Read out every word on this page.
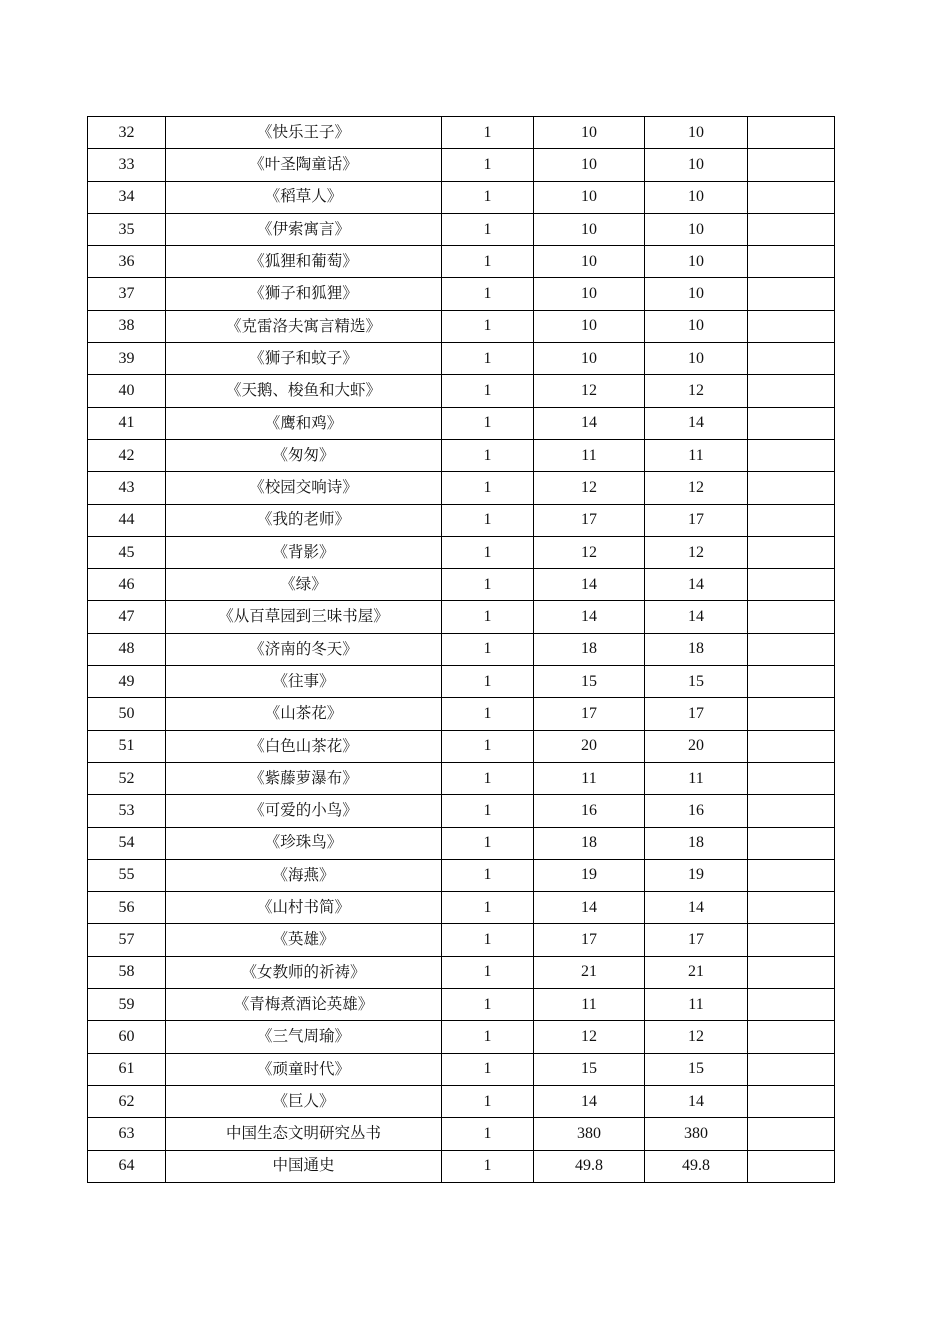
32	《快乐王子》	1	10	10	
33	《叶圣陶童话》	1	10	10	
34	《稻草人》	1	10	10	
35	《伊索寓言》	1	10	10	
36	《狐狸和葡萄》	1	10	10	
37	《狮子和狐狸》	1	10	10	
38	《克雷洛夫寓言精选》	1	10	10	
39	《狮子和蚊子》	1	10	10	
40	《天鹅、梭鱼和大虾》	1	12	12	
41	《鹰和鸡》	1	14	14	
42	《匆匆》	1	11	11	
43	《校园交响诗》	1	12	12	
44	《我的老师》	1	17	17	
45	《背影》	1	12	12	
46	《绿》	1	14	14	
47	《从百草园到三味书屋》	1	14	14	
48	《济南的冬天》	1	18	18	
49	《往事》	1	15	15	
50	《山茶花》	1	17	17	
51	《白色山茶花》	1	20	20	
52	《紫藤萝瀑布》	1	11	11	
53	《可爱的小鸟》	1	16	16	
54	《珍珠鸟》	1	18	18	
55	《海燕》	1	19	19	
56	《山村书简》	1	14	14	
57	《英雄》	1	17	17	
58	《女教师的祈祷》	1	21	21	
59	《青梅煮酒论英雄》	1	11	11	
60	《三气周瑜》	1	12	12	
61	《顽童时代》	1	15	15	
62	《巨人》	1	14	14	
63	中国生态文明研究丛书	1	380	380	
64	中国通史	1	49.8	49.8	
